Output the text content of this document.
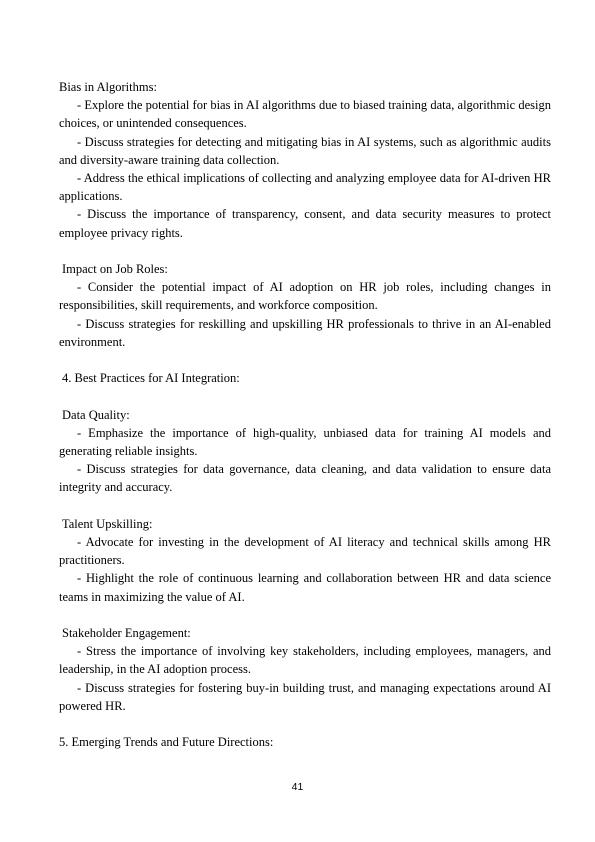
Bias in Algorithms:

- Explore the potential for bias in AI algorithms due to biased training data, algorithmic design choices, or unintended consequences.

- Discuss strategies for detecting and mitigating bias in AI systems, such as algorithmic audits and diversity-aware training data collection.

- Address the ethical implications of collecting and analyzing employee data for AI-driven HR applications.

- Discuss the importance of transparency, consent, and data security measures to protect employee privacy rights.

Impact on Job Roles:

- Consider the potential impact of AI adoption on HR job roles, including changes in responsibilities, skill requirements, and workforce composition.

- Discuss strategies for reskilling and upskilling HR professionals to thrive in an AI-enabled environment.

4. Best Practices for AI Integration:

Data Quality:

- Emphasize the importance of high-quality, unbiased data for training AI models and generating reliable insights.

- Discuss strategies for data governance, data cleaning, and data validation to ensure data integrity and accuracy.

Talent Upskilling:

- Advocate for investing in the development of AI literacy and technical skills among HR practitioners.

- Highlight the role of continuous learning and collaboration between HR and data science teams in maximizing the value of AI.

Stakeholder Engagement:

- Stress the importance of involving key stakeholders, including employees, managers, and leadership, in the AI adoption process.

- Discuss strategies for fostering buy-in building trust, and managing expectations around AI powered HR.

5. Emerging Trends and Future Directions:

41
